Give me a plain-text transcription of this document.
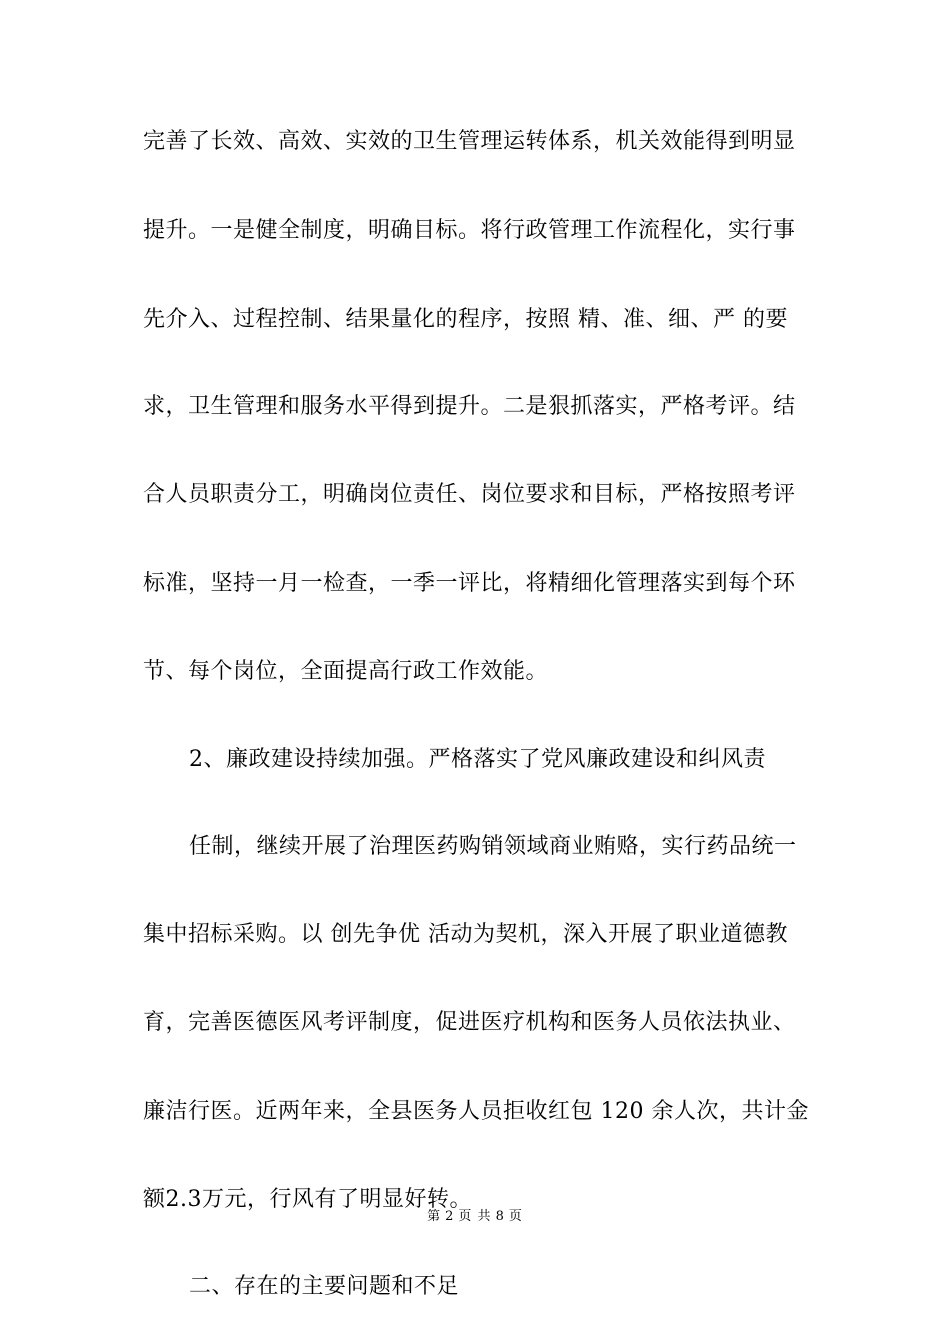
完善了长效、高效、实效的卫生管理运转体系，机关效能得到明显
提升。一是健全制度，明确目标。将行政管理工作流程化，实行事
先介入、过程控制、结果量化的程序，按照 精、准、细、严 的要
求，卫生管理和服务水平得到提升。二是狠抓落实，严格考评。结
合人员职责分工，明确岗位责任、岗位要求和目标，严格按照考评
标准，坚持一月一检查，一季一评比，将精细化管理落实到每个环
节、每个岗位，全面提高行政工作效能。
2、廉政建设持续加强。严格落实了党风廉政建设和纠风责
任制，继续开展了治理医药购销领域商业贿赂，实行药品统一
集中招标采购。以 创先争优 活动为契机，深入开展了职业道德教
育，完善医德医风考评制度，促进医疗机构和医务人员依法执业、
廉洁行医。近两年来，全县医务人员拒收红包 120 余人次，共计金
额2.3万元，行风有了明显好转。
二、存在的主要问题和不足
第 2 页 共 8 页
